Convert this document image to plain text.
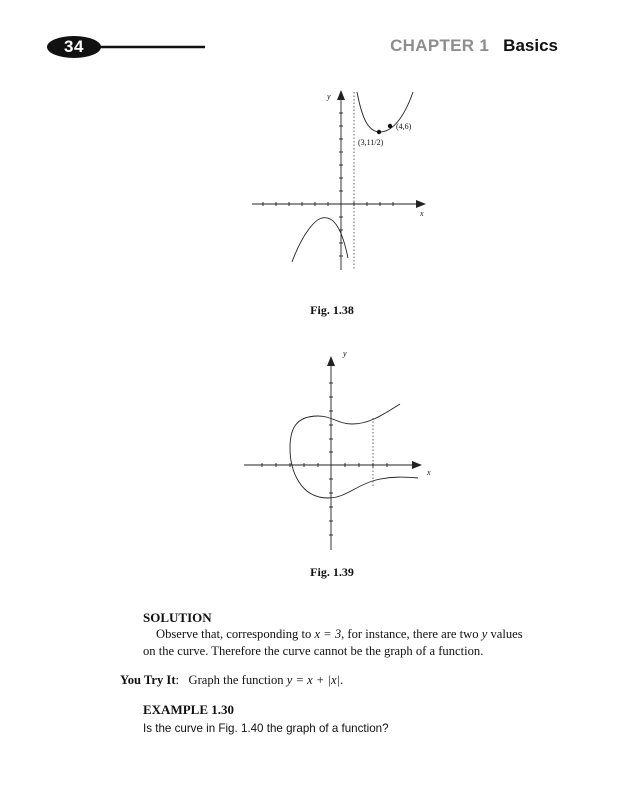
34	CHAPTER 1 Basics
y
x
(4,6)
(3,11/2)
Fig. 1.38
y
x
Fig. 1.39
SOLUTION
Observe that, corresponding to x = 3, for instance, there are two y values
on the curve. Therefore the curve cannot be the graph of a function.
You Try It:   Graph the function y = x + |x|.
EXAMPLE 1.30
Is the curve in Fig. 1.40 the graph of a function?
